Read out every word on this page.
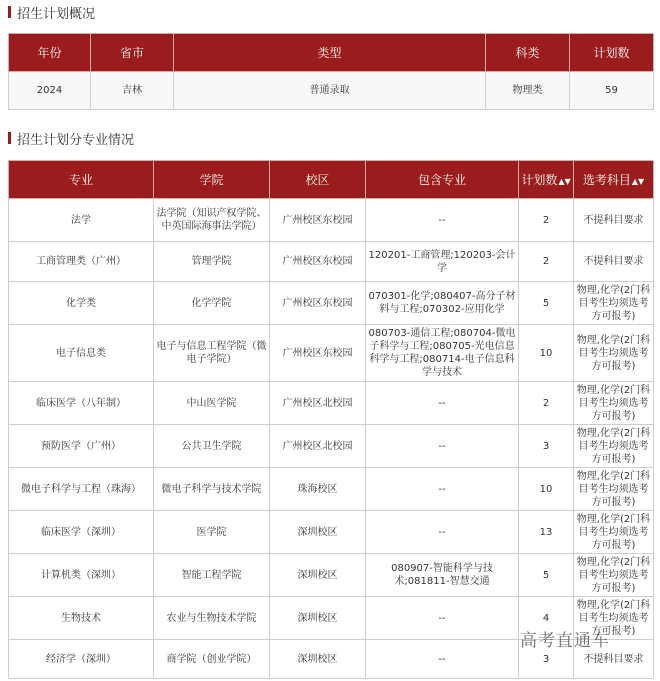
招生计划概况
年份	省市	类型	科类	计划数
2024	吉林	普通录取	物理类	59
招生计划分专业情况
专业	学院	校区	包含专业	计划数▲▼	选考科目▲▼

法学	法学院（知识产权学院、中英国际海事法学院）	广州校区东校园	--	2	不提科目要求

工商管理类（广州）	管理学院	广州校区东校园	120201-工商管理;120203-会计学	2	不提科目要求

化学类	化学学院	广州校区东校园	070301-化学;080407-高分子材料与工程;070302-应用化学	5	物理,化学(2门科目考生均须选考方可报考)

电子信息类	电子与信息工程学院（微电子学院）	广州校区东校园	080703-通信工程;080704-微电子科学与工程;080705-光电信息科学与工程;080714-电子信息科学与技术	10	物理,化学(2门科目考生均须选考方可报考)

临床医学（八年制）	中山医学院	广州校区北校园	--	2	物理,化学(2门科目考生均须选考方可报考)

预防医学（广州）	公共卫生学院	广州校区北校园	--	3	物理,化学(2门科目考生均须选考方可报考)

微电子科学与工程（珠海）	微电子科学与技术学院	珠海校区	--	10	物理,化学(2门科目考生均须选考方可报考)

临床医学（深圳）	医学院	深圳校区	--	13	物理,化学(2门科目考生均须选考方可报考)

计算机类（深圳）	智能工程学院	深圳校区	080907-智能科学与技术;081811-智慧交通	5	物理,化学(2门科目考生均须选考方可报考)

生物技术	农业与生物技术学院	深圳校区	--	4	物理,化学(2门科目考生均须选考方可报考)

经济学（深圳）	商学院（创业学院）	深圳校区	--	3	不提科目要求
高考直通车
